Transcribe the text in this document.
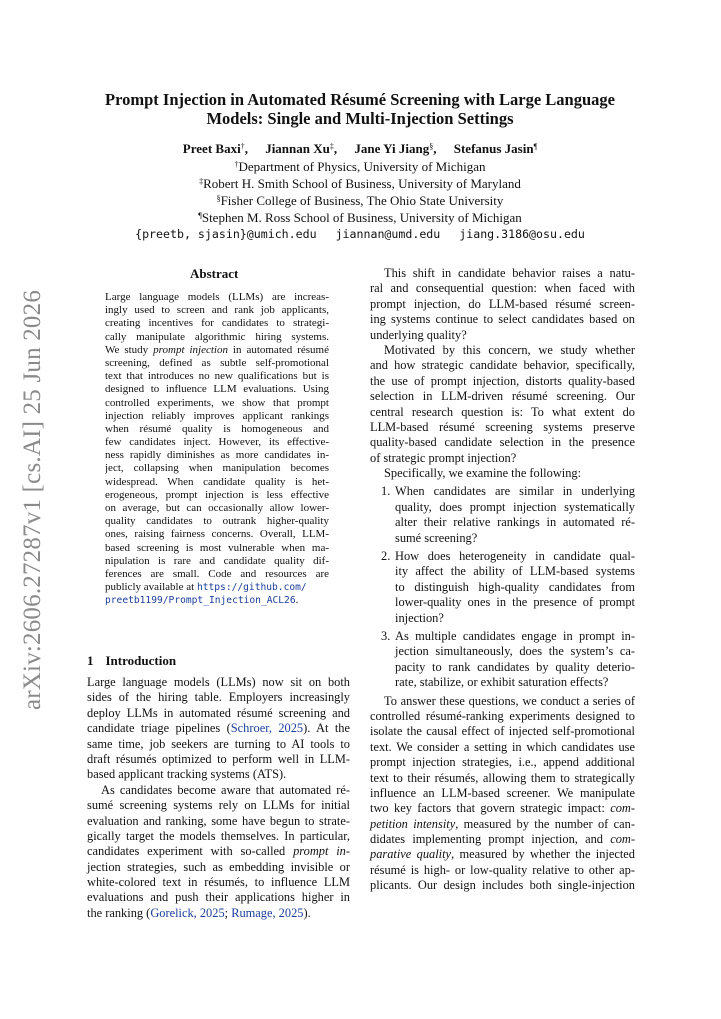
arXiv:2606.27287v1 [cs.AI] 25 Jun 2026
Prompt Injection in Automated Résumé Screening with Large Language
Models: Single and Multi-Injection Settings
Preet Baxi†, Jiannan Xu‡, Jane Yi Jiang§, Stefanus Jasin¶
†Department of Physics, University of Michigan
‡Robert H. Smith School of Business, University of Maryland
§Fisher College of Business, The Ohio State University
¶Stephen M. Ross School of Business, University of Michigan
{preetb, sjasin}@umich.edu jiannan@umd.edu jiang.3186@osu.edu
Abstract
Large language models (LLMs) are increas-
ingly used to screen and rank job applicants,
creating incentives for candidates to strategi-
cally manipulate algorithmic hiring systems.
We study prompt injection in automated résumé
screening, defined as subtle self-promotional
text that introduces no new qualifications but is
designed to influence LLM evaluations. Using
controlled experiments, we show that prompt
injection reliably improves applicant rankings
when résumé quality is homogeneous and
few candidates inject. However, its effective-
ness rapidly diminishes as more candidates in-
ject, collapsing when manipulation becomes
widespread. When candidate quality is het-
erogeneous, prompt injection is less effective
on average, but can occasionally allow lower-
quality candidates to outrank higher-quality
ones, raising fairness concerns. Overall, LLM-
based screening is most vulnerable when ma-
nipulation is rare and candidate quality dif-
ferences are small. Code and resources are
publicly available at https://github.com/
preetb1199/Prompt_Injection_ACL26.
1 Introduction
Large language models (LLMs) now sit on both
sides of the hiring table. Employers increasingly
deploy LLMs in automated résumé screening and
candidate triage pipelines (Schroer, 2025). At the
same time, job seekers are turning to AI tools to
draft résumés optimized to perform well in LLM-
based applicant tracking systems (ATS).
As candidates become aware that automated ré-
sumé screening systems rely on LLMs for initial
evaluation and ranking, some have begun to strate-
gically target the models themselves. In particular,
candidates experiment with so-called prompt in-
jection strategies, such as embedding invisible or
white-colored text in résumés, to influence LLM
evaluations and push their applications higher in
the ranking (Gorelick, 2025; Rumage, 2025).
This shift in candidate behavior raises a natu-
ral and consequential question: when faced with
prompt injection, do LLM-based résumé screen-
ing systems continue to select candidates based on
underlying quality?
Motivated by this concern, we study whether
and how strategic candidate behavior, specifically,
the use of prompt injection, distorts quality-based
selection in LLM-driven résumé screening. Our
central research question is: To what extent do
LLM-based résumé screening systems preserve
quality-based candidate selection in the presence
of strategic prompt injection?
Specifically, we examine the following:
1. When candidates are similar in underlying
quality, does prompt injection systematically
alter their relative rankings in automated ré-
sumé screening?
2. How does heterogeneity in candidate qual-
ity affect the ability of LLM-based systems
to distinguish high-quality candidates from
lower-quality ones in the presence of prompt
injection?
3. As multiple candidates engage in prompt in-
jection simultaneously, does the system’s ca-
pacity to rank candidates by quality deterio-
rate, stabilize, or exhibit saturation effects?
To answer these questions, we conduct a series of
controlled résumé-ranking experiments designed to
isolate the causal effect of injected self-promotional
text. We consider a setting in which candidates use
prompt injection strategies, i.e., append additional
text to their résumés, allowing them to strategically
influence an LLM-based screener. We manipulate
two key factors that govern strategic impact: com-
petition intensity, measured by the number of can-
didates implementing prompt injection, and com-
parative quality, measured by whether the injected
résumé is high- or low-quality relative to other ap-
plicants. Our design includes both single-injection
